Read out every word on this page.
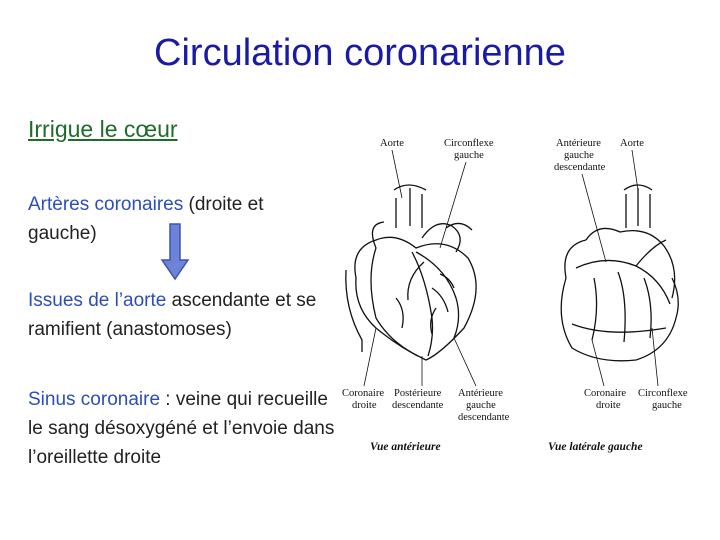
Circulation coronarienne
Irrigue le cœur
Artères coronaires (droite et gauche)
Issues de l’aorte ascendante et se ramifient (anastomoses)
Sinus coronaire : veine qui recueille le sang désoxygéné et l’envoie dans l’oreillette droite
Aorte	Circonflexe
gauche
Antérieure
gauche
descendante
Aorte
Coronaire
droite
Postérieure
descendante
Antérieure
gauche
descendante
Coronaire
droite
Circonflexe
gauche
Vue antérieure	Vue latérale gauche
